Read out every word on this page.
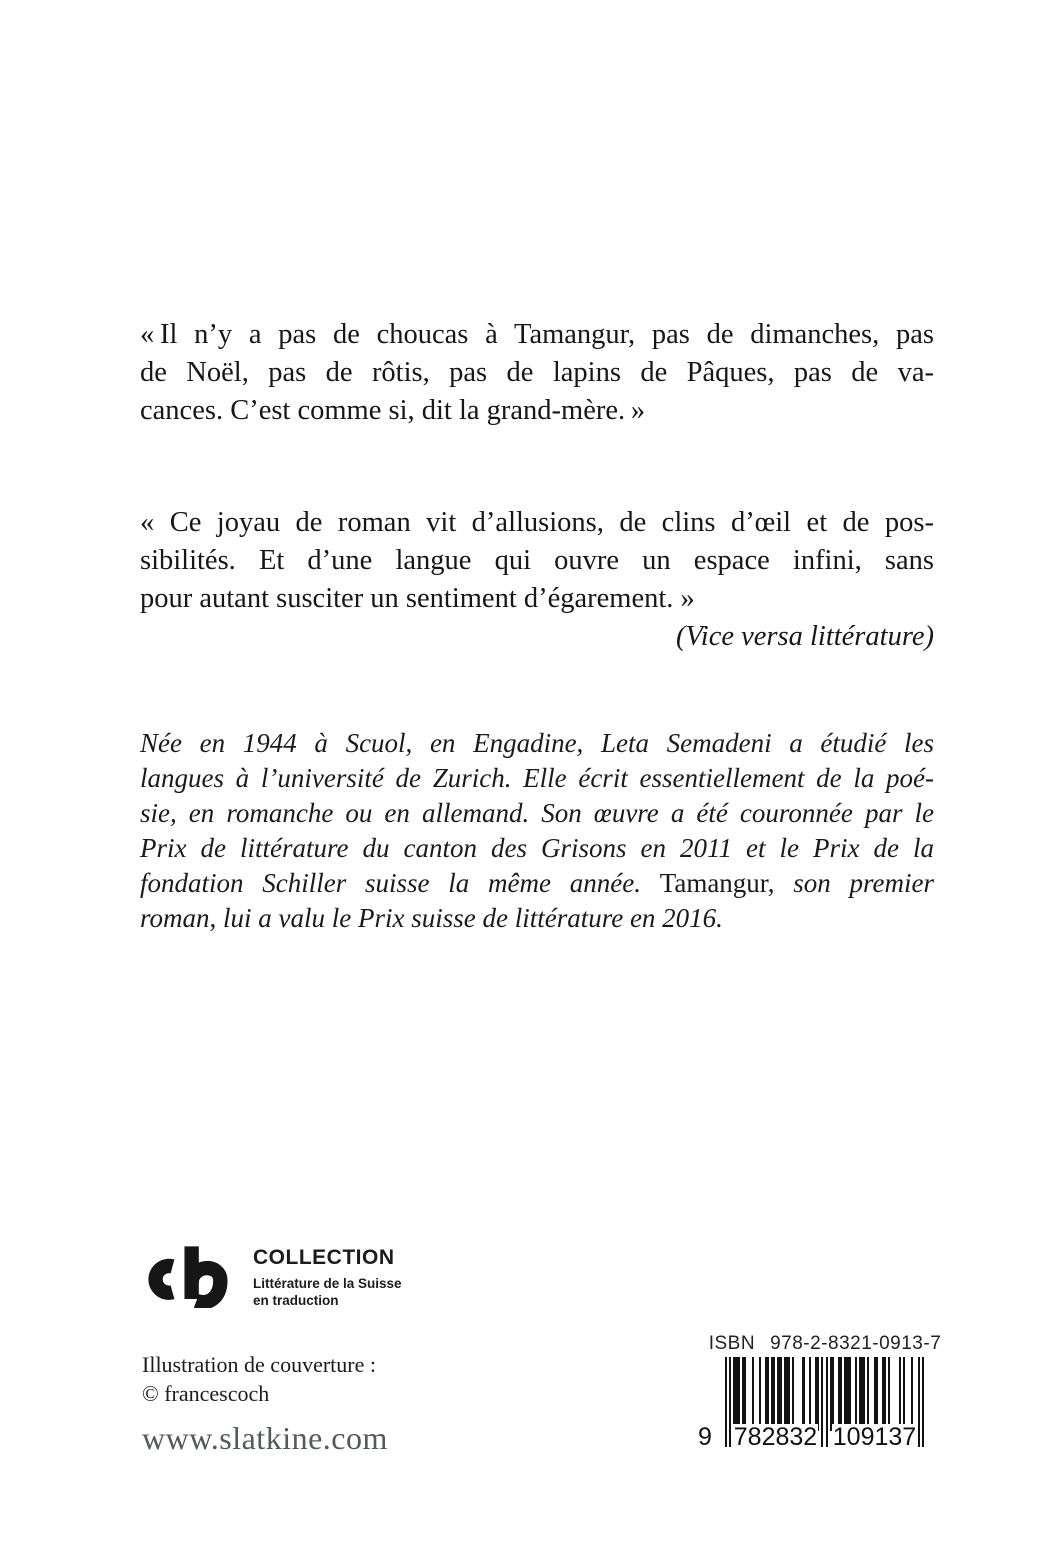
« Il n’y a pas de choucas à Tamangur, pas de dimanches, pas
de Noël, pas de rôtis, pas de lapins de Pâques, pas de va-
cances. C’est comme si, dit la grand-mère. »
« Ce joyau de roman vit d’allusions, de clins d’œil et de pos-
sibilités. Et d’une langue qui ouvre un espace infini, sans
pour autant susciter un sentiment d’égarement. »
(Vice versa littérature)
Née en 1944 à Scuol, en Engadine, Leta Semadeni a étudié les
langues à l’université de Zurich. Elle écrit essentiellement de la poé-
sie, en romanche ou en allemand. Son œuvre a été couronnée par le
Prix de littérature du canton des Grisons en 2011 et le Prix de la
fondation Schiller suisse la même année. Tamangur, son premier
roman, lui a valu le Prix suisse de littérature en 2016.
COLLECTION
Littérature de la Suisse
en traduction
Illustration de couverture :
© francescoch
www.slatkine.com
ISBN 978-2-8321-0913-7
9 782832 109137
